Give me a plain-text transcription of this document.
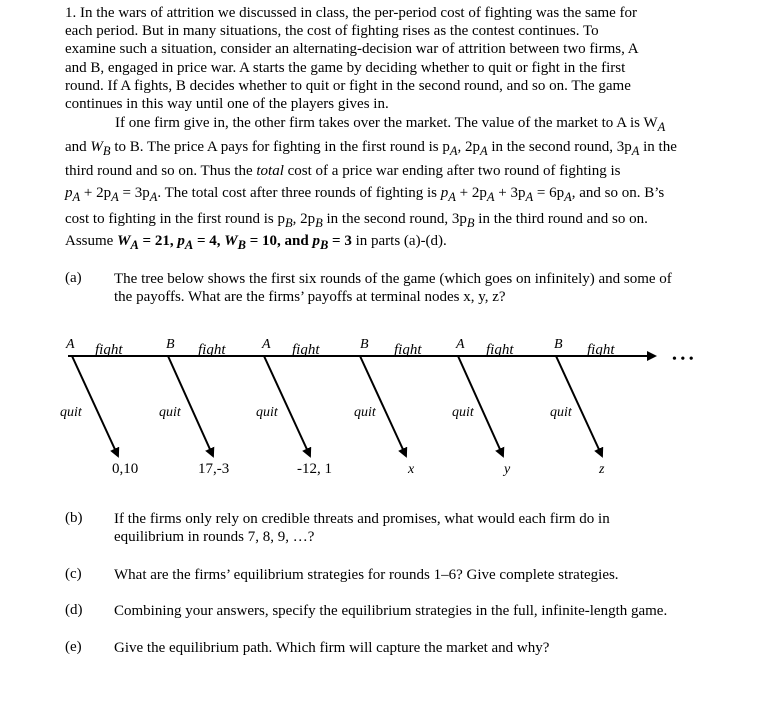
1. In the wars of attrition we discussed in class, the per-period cost of fighting was the same for
each period. But in many situations, the cost of fighting rises as the contest continues. To
examine such a situation, consider an alternating-decision war of attrition between two firms, A
and B, engaged in price war. A starts the game by deciding whether to quit or fight in the first
round. If A fights, B decides whether to quit or fight in the second round, and so on. The game
continues in this way until one of the players gives in.
If one firm give in, the other firm takes over the market. The value of the market to A is $W_A$
and $W_B$ to B. The price A pays for fighting in the first round is $p_A$, $2p_A$ in the second round, $3p_A$ in the
third round and so on. Thus the total cost of a price war ending after two round of fighting is
$p_A + 2p_A = 3p_A$. The total cost after three rounds of fighting is $p_A + 2p_A + 3p_A = 6p_A$, and so on. B’s
cost to fighting in the first round is $p_B$, $2p_B$ in the second round, $3p_B$ in the third round and so on.
Assume $W_A = 21$, $p_A = 4$, $W_B = 10$, and $p_B = 3$ in parts (a)-(d).
(a) The tree below shows the first six rounds of the game (which goes on infinitely) and some of
the payoffs. What are the firms’ payoffs at terminal nodes x, y, z?
• • •
A fight
quit
0,10
B fight
quit
17,-3
A fight
quit
-12, 1
B fight
quit
x
A fight
quit
y
B fight
quit
z
(b) If the firms only rely on credible threats and promises, what would each firm do in
equilibrium in rounds 7, 8, 9, …?
(c) What are the firms’ equilibrium strategies for rounds 1–6? Give complete strategies.
(d) Combining your answers, specify the equilibrium strategies in the full, infinite-length game.
(e) Give the equilibrium path. Which firm will capture the market and why?
